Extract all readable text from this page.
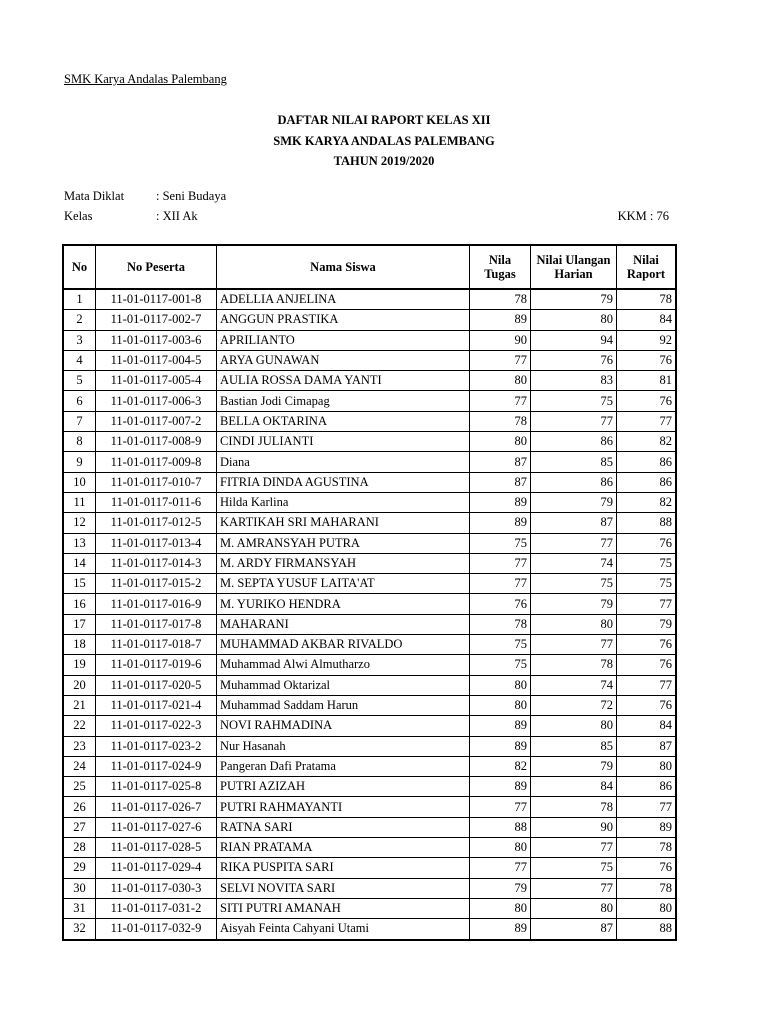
SMK Karya Andalas Palembang
DAFTAR NILAI RAPORT KELAS XII
SMK KARYA ANDALAS PALEMBANG
TAHUN 2019/2020
Mata Diklat	: Seni Budaya
Kelas	: XII Ak	KKM : 76
No	No Peserta	Nama Siswa	Nila Tugas	Nilai Ulangan Harian	Nilai Raport
1	11-01-0117-001-8	ADELLIA ANJELINA	78	79	78
2	11-01-0117-002-7	ANGGUN PRASTIKA	89	80	84
3	11-01-0117-003-6	APRILIANTO	90	94	92
4	11-01-0117-004-5	ARYA GUNAWAN	77	76	76
5	11-01-0117-005-4	AULIA ROSSA DAMA YANTI	80	83	81
6	11-01-0117-006-3	Bastian Jodi Cimapag	77	75	76
7	11-01-0117-007-2	BELLA OKTARINA	78	77	77
8	11-01-0117-008-9	CINDI JULIANTI	80	86	82
9	11-01-0117-009-8	Diana	87	85	86
10	11-01-0117-010-7	FITRIA DINDA AGUSTINA	87	86	86
11	11-01-0117-011-6	Hilda Karlina	89	79	82
12	11-01-0117-012-5	KARTIKAH SRI MAHARANI	89	87	88
13	11-01-0117-013-4	M. AMRANSYAH PUTRA	75	77	76
14	11-01-0117-014-3	M. ARDY FIRMANSYAH	77	74	75
15	11-01-0117-015-2	M. SEPTA YUSUF LAITA'AT	77	75	75
16	11-01-0117-016-9	M. YURIKO HENDRA	76	79	77
17	11-01-0117-017-8	MAHARANI	78	80	79
18	11-01-0117-018-7	MUHAMMAD AKBAR RIVALDO	75	77	76
19	11-01-0117-019-6	Muhammad Alwi Almutharzo	75	78	76
20	11-01-0117-020-5	Muhammad Oktarizal	80	74	77
21	11-01-0117-021-4	Muhammad Saddam Harun	80	72	76
22	11-01-0117-022-3	NOVI RAHMADINA	89	80	84
23	11-01-0117-023-2	Nur Hasanah	89	85	87
24	11-01-0117-024-9	Pangeran Dafi Pratama	82	79	80
25	11-01-0117-025-8	PUTRI AZIZAH	89	84	86
26	11-01-0117-026-7	PUTRI RAHMAYANTI	77	78	77
27	11-01-0117-027-6	RATNA SARI	88	90	89
28	11-01-0117-028-5	RIAN PRATAMA	80	77	78
29	11-01-0117-029-4	RIKA PUSPITA SARI	77	75	76
30	11-01-0117-030-3	SELVI NOVITA SARI	79	77	78
31	11-01-0117-031-2	SITI PUTRI AMANAH	80	80	80
32	11-01-0117-032-9	Aisyah Feinta Cahyani Utami	89	87	88
